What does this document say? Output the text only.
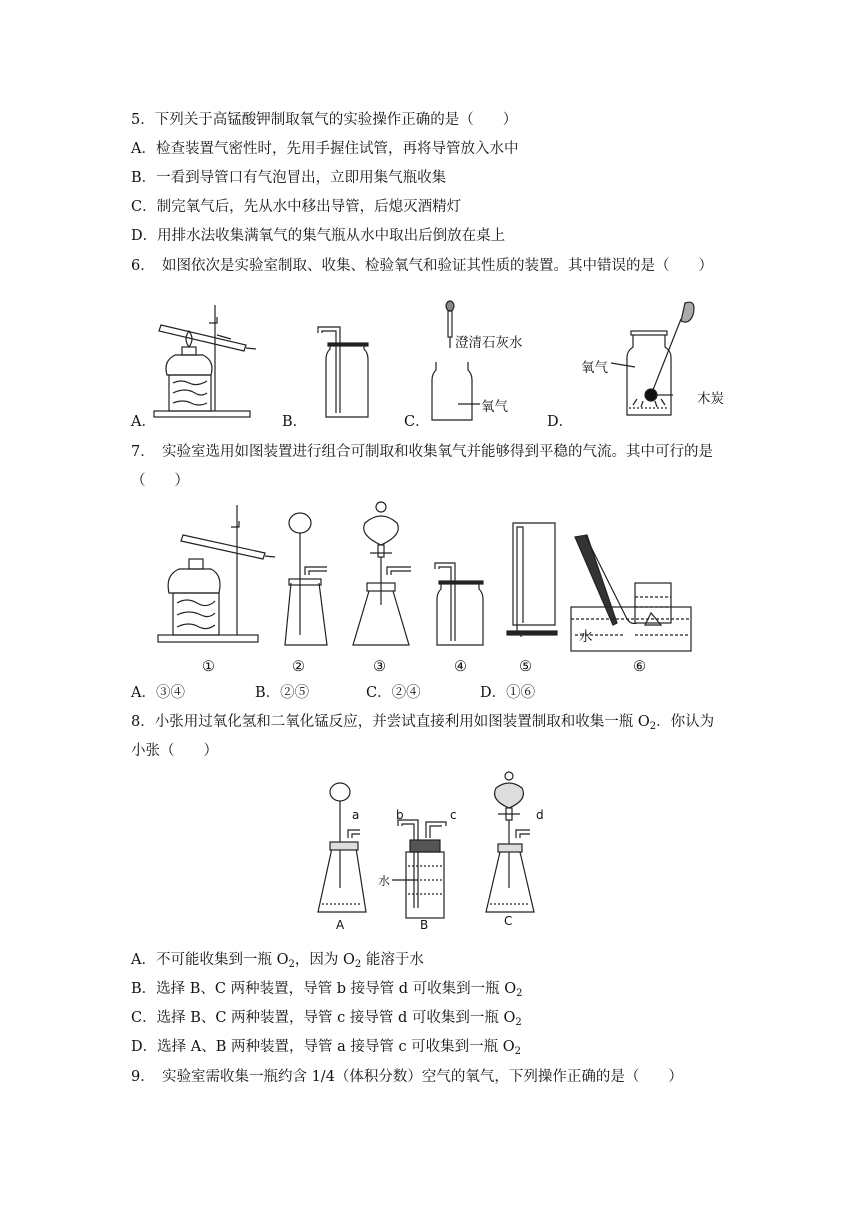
5．下列关于高锰酸钾制取氧气的实验操作正确的是（　　）
A．检查装置气密性时，先用手握住试管，再将导管放入水中
B．一看到导管口有气泡冒出，立即用集气瓶收集
C．制完氧气后，先从水中移出导管，后熄灭酒精灯
D．用排水法收集满氧气的集气瓶从水中取出后倒放在桌上
6．　如图依次是实验室制取、收集、检验氧气和验证其性质的装置。其中错误的是（　　）
A．	B．	C．	D．
澄清石灰水
氧气
氧气
木炭
7．　实验室选用如图装置进行组合可制取和收集氧气并能够得到平稳的气流。其中可行的是
（　　）
①	②	③	④	⑤	⑥
水
A．③④	B．②⑤	C．②④	D．①⑥
8．小张用过氧化氢和二氧化锰反应，并尝试直接利用如图装置制取和收集一瓶 $O_2$．你认为
小张（　　）
a	b	c	d
水
A	B	C
A．不可能收集到一瓶 $O_2$，因为 $O_2$ 能溶于水
B．选择 B、C 两种装置，导管 b 接导管 d 可收集到一瓶 $O_2$
C．选择 B、C 两种装置，导管 c 接导管 d 可收集到一瓶 $O_2$
D．选择 A、B 两种装置，导管 a 接导管 c 可收集到一瓶 $O_2$
9．　实验室需收集一瓶约含 1/4（体积分数）空气的氧气，下列操作正确的是（　　）
